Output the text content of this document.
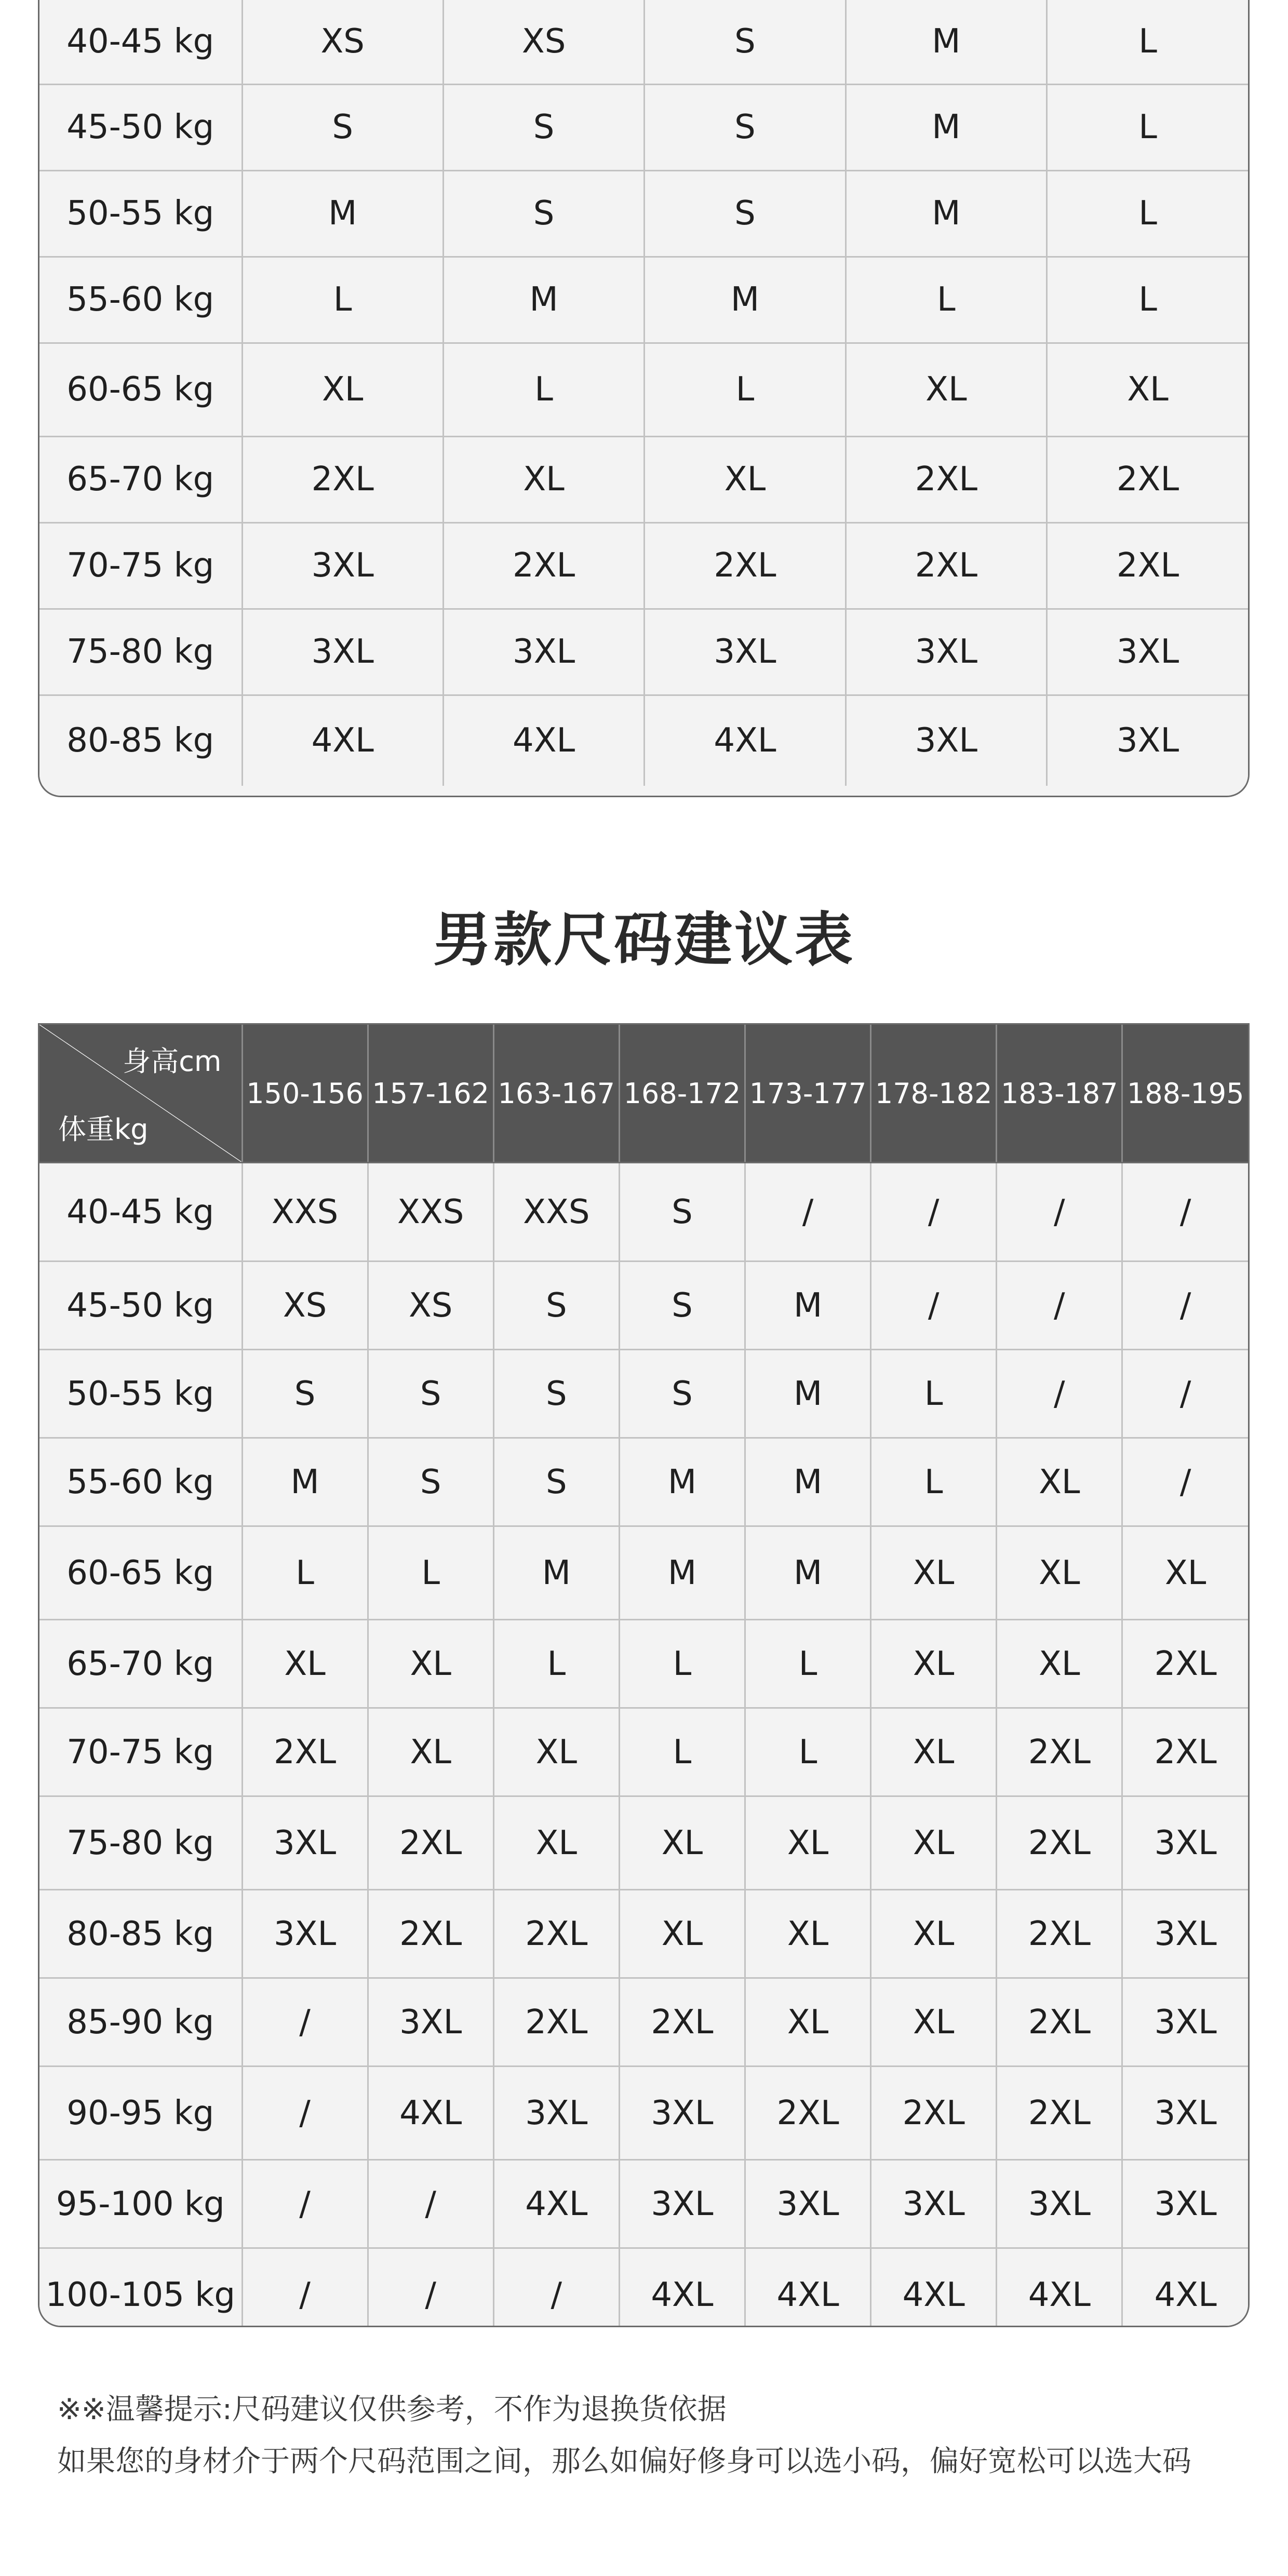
40-45 kg	XS	XS	S	M	L
45-50 kg	S	S	S	M	L
50-55 kg	M	S	S	M	L
55-60 kg	L	M	M	L	L
60-65 kg	XL	L	L	XL	XL
65-70 kg	2XL	XL	XL	2XL	2XL
70-75 kg	3XL	2XL	2XL	2XL	2XL
75-80 kg	3XL	3XL	3XL	3XL	3XL
80-85 kg	4XL	4XL	4XL	3XL	3XL
男款尺码建议表
身高cm
体重kg	150-156	157-162	163-167	168-172	173-177	178-182	183-187	188-195
40-45 kg	XXS	XXS	XXS	S	/	/	/	/
45-50 kg	XS	XS	S	S	M	/	/	/
50-55 kg	S	S	S	S	M	L	/	/
55-60 kg	M	S	S	M	M	L	XL	/
60-65 kg	L	L	M	M	M	XL	XL	XL
65-70 kg	XL	XL	L	L	L	XL	XL	2XL
70-75 kg	2XL	XL	XL	L	L	XL	2XL	2XL
75-80 kg	3XL	2XL	XL	XL	XL	XL	2XL	3XL
80-85 kg	3XL	2XL	2XL	XL	XL	XL	2XL	3XL
85-90 kg	/	3XL	2XL	2XL	XL	XL	2XL	3XL
90-95 kg	/	4XL	3XL	3XL	2XL	2XL	2XL	3XL
95-100 kg	/	/	4XL	3XL	3XL	3XL	3XL	3XL
100-105 kg	/	/	/	4XL	4XL	4XL	4XL	4XL
※※温馨提示:尺码建议仅供参考，不作为退换货依据
如果您的身材介于两个尺码范围之间，那么如偏好修身可以选小码，偏好宽松可以选大码
